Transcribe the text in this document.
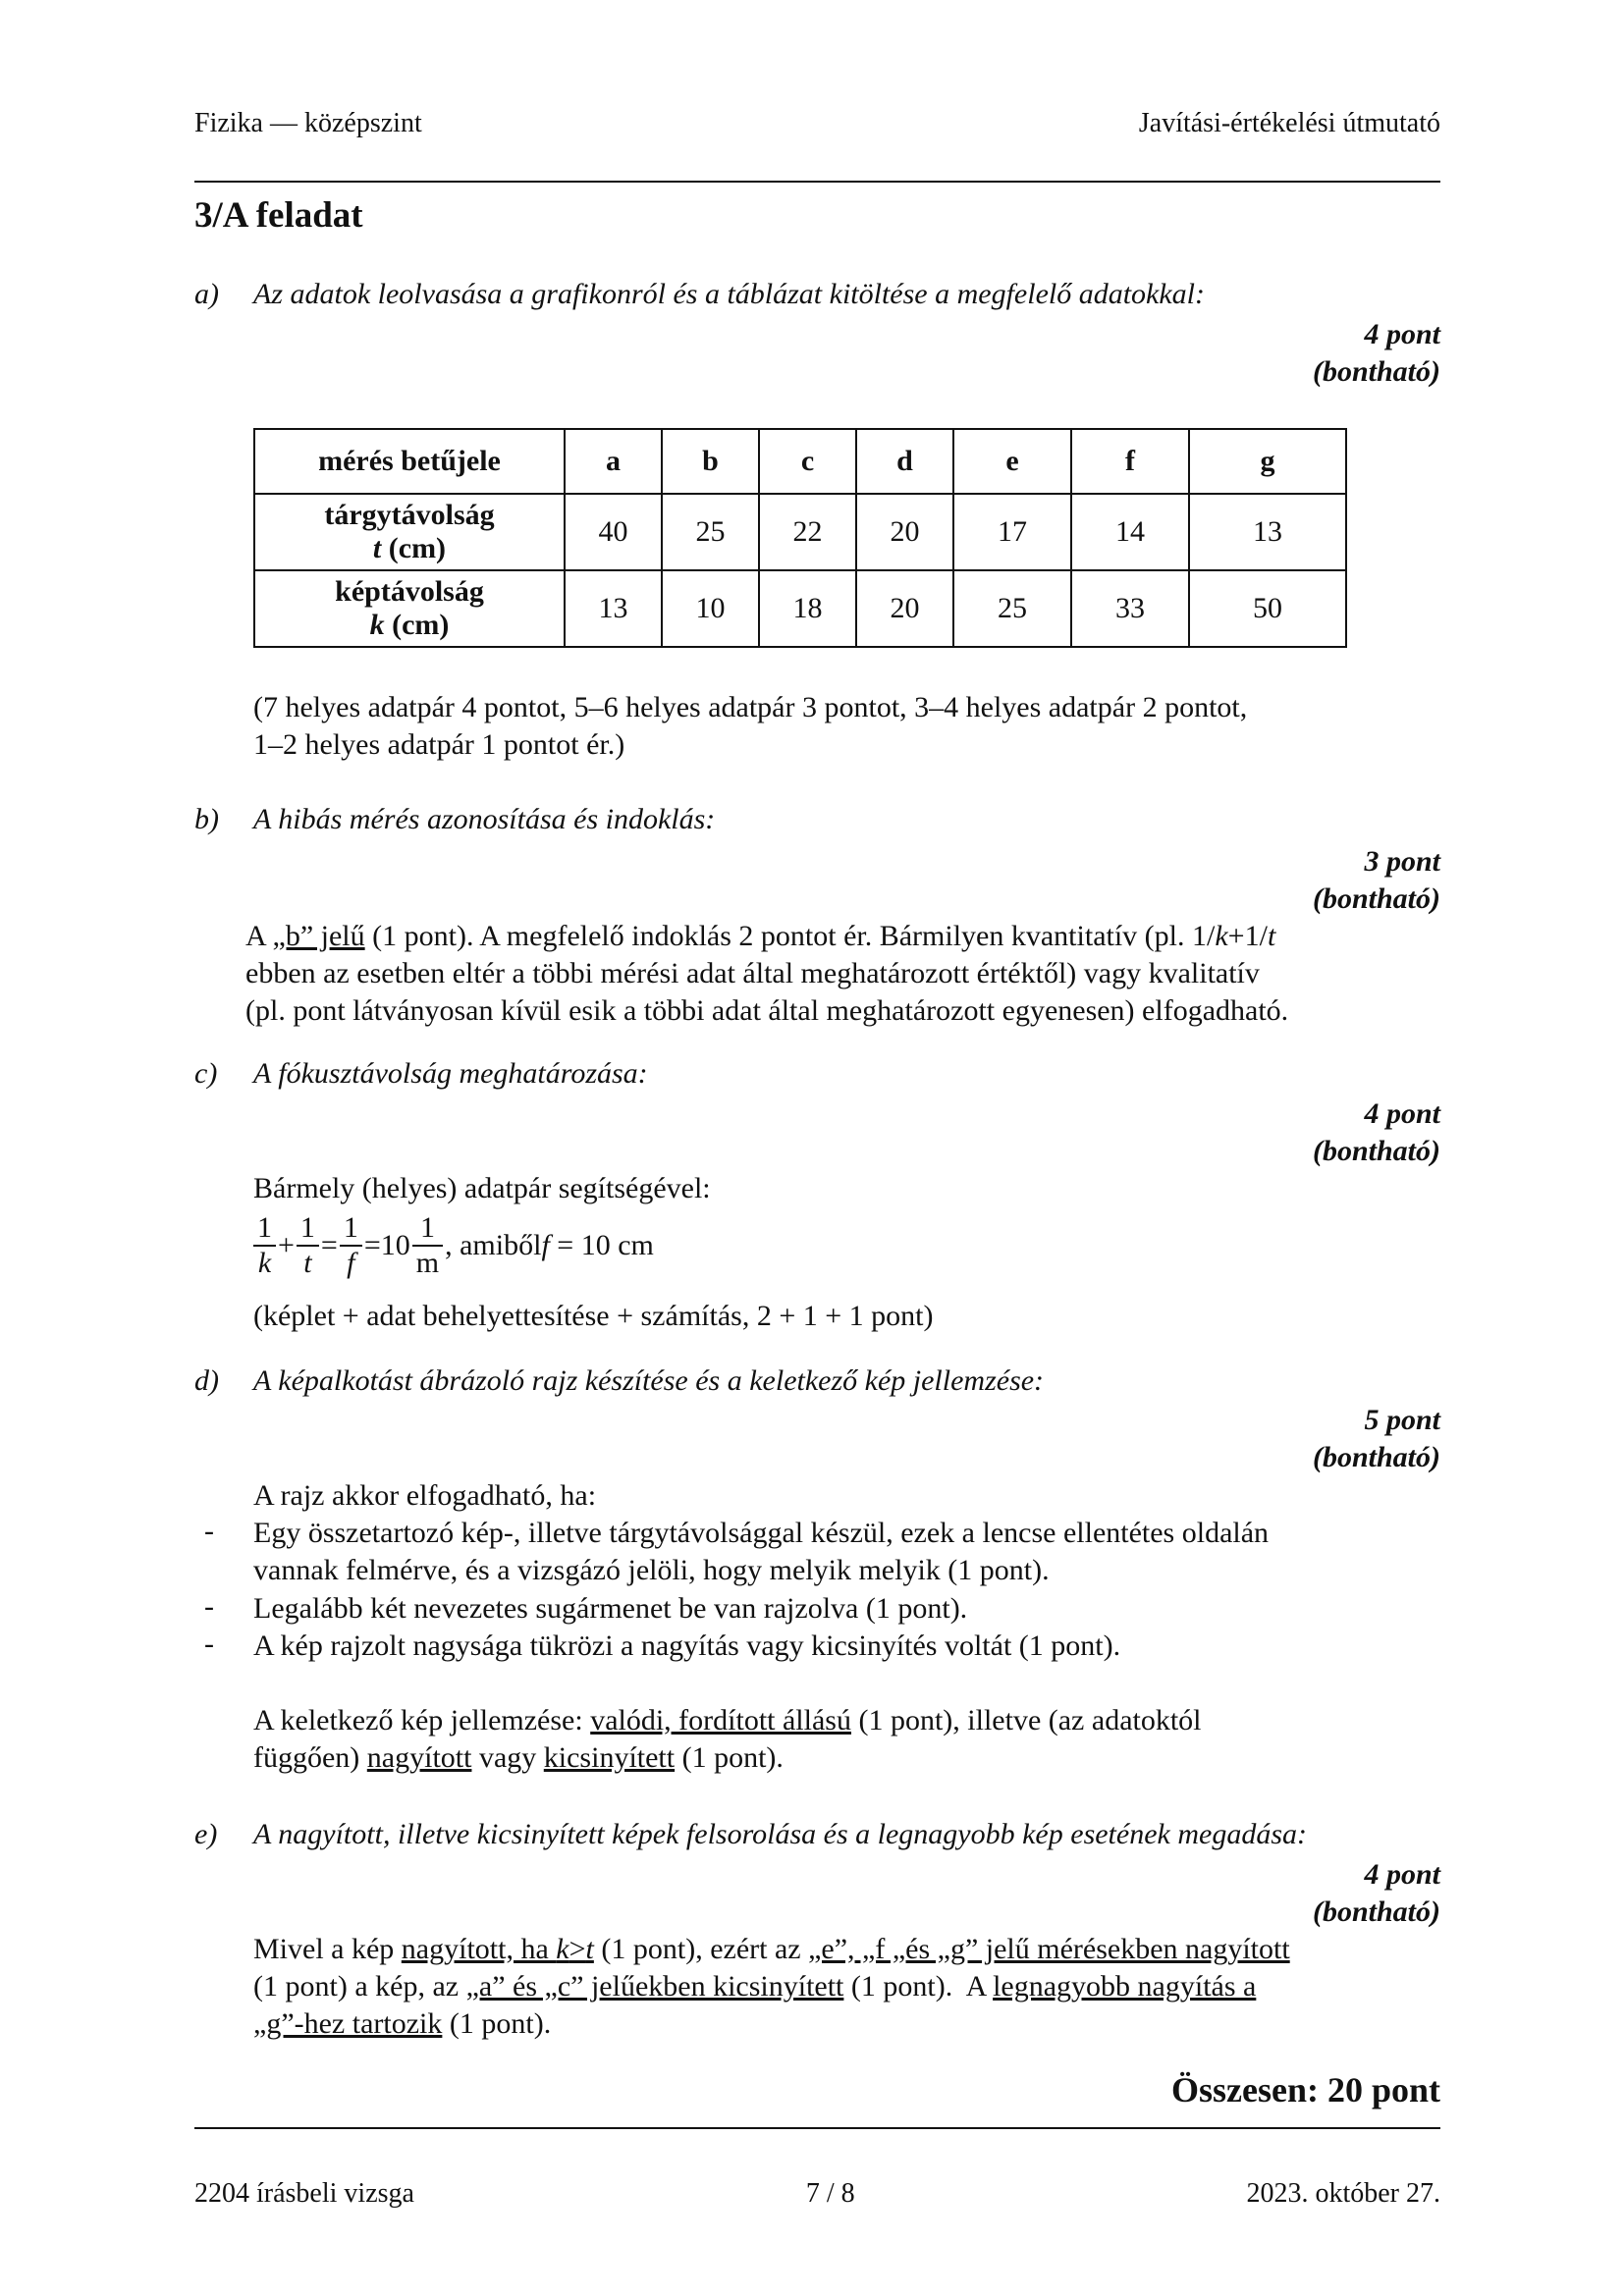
Fizika — középszint	Javítási-értékelési útmutató
3/A feladat
a) Az adatok leolvasása a grafikonról és a táblázat kitöltése a megfelelő adatokkal:
4 pont
(bontható)
mérés betűjele	a	b	c	d	e	f	g

tárgytávolság
t (cm)	40	25	22	20	17	14	13

képtávolság
k (cm)	13	10	18	20	25	33	50
(7 helyes adatpár 4 pontot, 5–6 helyes adatpár 3 pontot, 3–4 helyes adatpár 2 pontot,
1–2 helyes adatpár 1 pontot ér.)
b) A hibás mérés azonosítása és indoklás:
3 pont
(bontható)
A „b” jelű (1 pont). A megfelelő indoklás 2 pontot ér. Bármilyen kvantitatív (pl. 1/k+1/t
ebben az esetben eltér a többi mérési adat által meghatározott értéktől) vagy kvalitatív
(pl. pont látványosan kívül esik a többi adat által meghatározott egyenesen) elfogadható.
c) A fókusztávolság meghatározása:
4 pont
(bontható)
Bármely (helyes) adatpár segítségével:
$\frac{1}{k} + \frac{1}{t} = \frac{1}{f} =10 \frac{1}{m}$ , amiből f = 10 cm
(képlet + adat behelyettesítése + számítás, 2 + 1 + 1 pont)
d) A képalkotást ábrázoló rajz készítése és a keletkező kép jellemzése:
5 pont
(bontható)
A rajz akkor elfogadható, ha:
- Egy összetartozó kép-, illetve tárgytávolsággal készül, ezek a lencse ellentétes oldalán
vannak felmérve, és a vizsgázó jelöli, hogy melyik melyik (1 pont).
- Legalább két nevezetes sugármenet be van rajzolva (1 pont).
- A kép rajzolt nagysága tükrözi a nagyítás vagy kicsinyítés voltát (1 pont).
A keletkező kép jellemzése: valódi, fordított állású (1 pont), illetve (az adatoktól
függően) nagyított vagy kicsinyített (1 pont).
e) A nagyított, illetve kicsinyített képek felsorolása és a legnagyobb kép esetének megadása:
4 pont
(bontható)
Mivel a kép nagyított, ha k>t (1 pont), ezért az „e”, „f „és „g” jelű mérésekben nagyított
(1 pont) a kép, az „a” és „c” jelűekben kicsinyített (1 pont).  A legnagyobb nagyítás a
„g”-hez tartozik (1 pont).
Összesen: 20 pont
2204 írásbeli vizsga	7 / 8	2023. október 27.
